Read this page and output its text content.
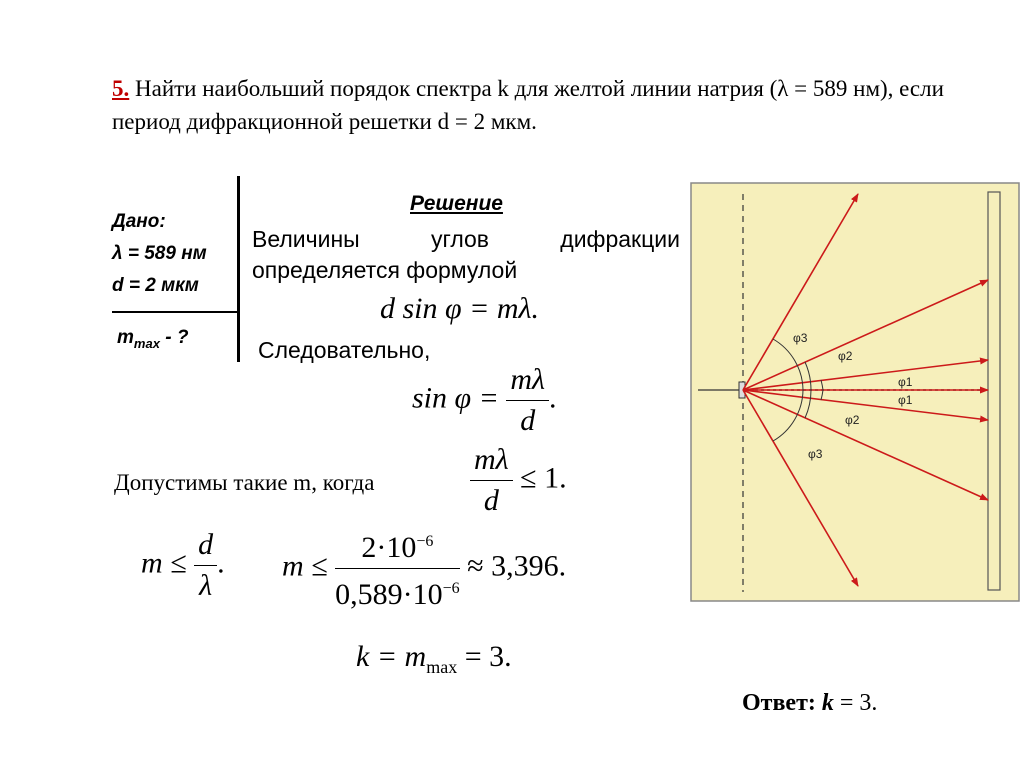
5. Найти наибольший порядок спектра k для желтой линии натрия (λ = 589 нм), если период дифракционной решетки d = 2 мкм.
Дано:
λ = 589 нм
d = 2 мкм
$m_{max}$ - ?
Решение
Величины углов дифракции
определяется формулой
d sin φ = mλ.
Следовательно,
$\sin \varphi = \frac{m\lambda}{d}$ .
Допустимы такие m, когда	$\frac{m\lambda}{d} \le 1$.
$m \le \frac{d}{\lambda}$ . $m \le \frac{2\cdot 10^{-6}}{0,589\cdot 10^{-6}} \approx 3,396$.
$k = m_{max} = 3$.
Ответ: k = 3.
φ3
φ2
φ1
φ1
φ2
φ3
